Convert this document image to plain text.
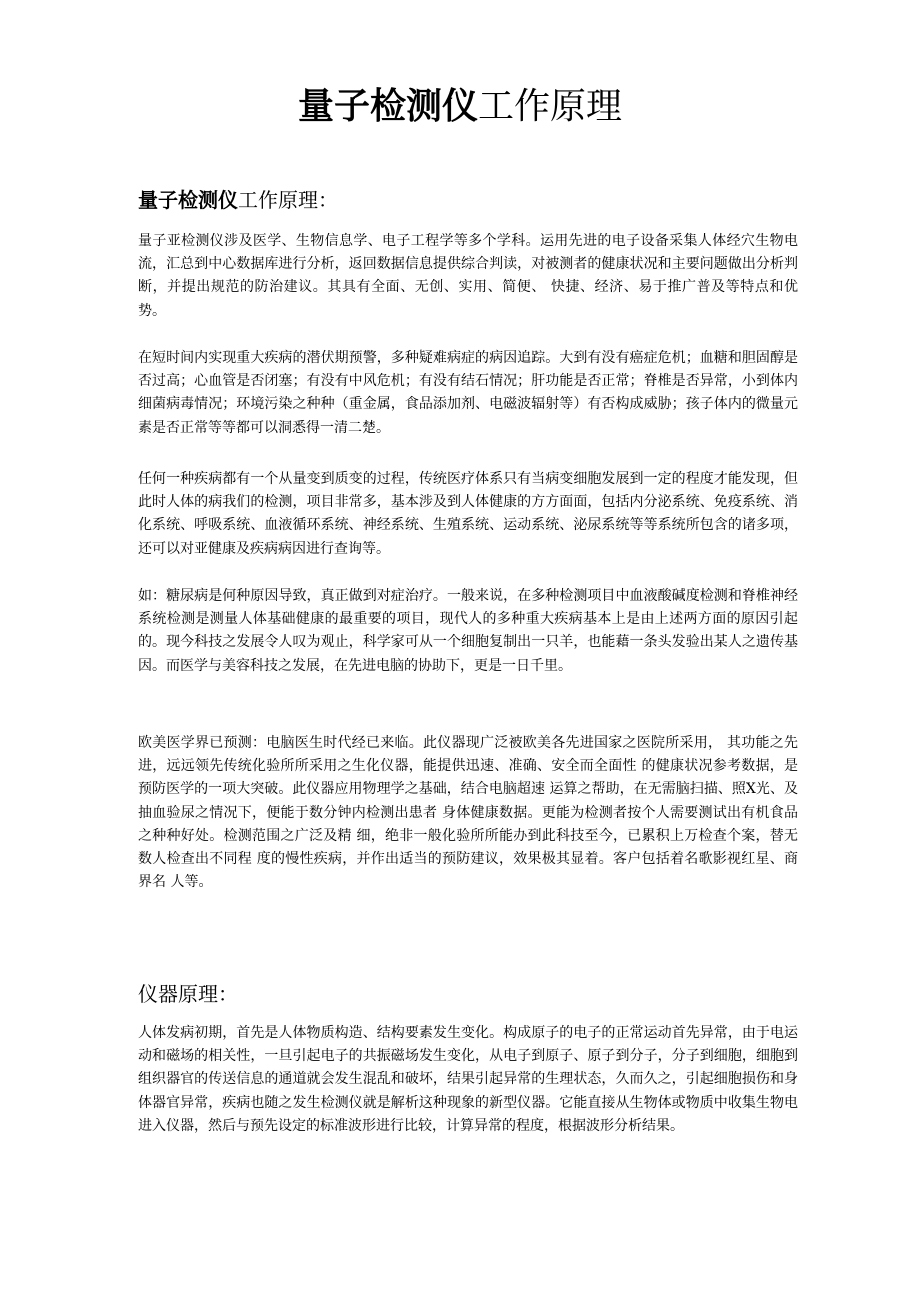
量子检测仪工作原理
量子检测仪工作原理：

量子亚检测仪涉及医学、生物信息学、电子工程学等多个学科。运用先进的电子设备采集人体经穴生物电流，汇总到中心数据库进行分析，返回数据信息提供综合判读，对被测者的健康状况和主要问题做出分析判断，并提出规范的防治建议。其具有全面、无创、实用、简便、 快捷、经济、易于推广普及等特点和优势。

在短时间内实现重大疾病的潜伏期预警，多种疑难病症的病因追踪。大到有没有癌症危机；血糖和胆固醇是否过高；心血管是否闭塞；有没有中风危机；有没有结石情况；肝功能是否正常；脊椎是否异常，小到体内细菌病毒情况；环境污染之种种（重金属，食品添加剂、电磁波辐射等）有否构成威胁；孩子体内的微量元素是否正常等等都可以洞悉得一清二楚。

任何一种疾病都有一个从量变到质变的过程，传统医疗体系只有当病变细胞发展到一定的程度才能发现，但此时人体的病我们的检测，项目非常多，基本涉及到人体健康的方方面面，包括内分泌系统、免疫系统、消化系统、呼吸系统、血液循环系统、神经系统、生殖系统、运动系统、泌尿系统等等系统所包含的诸多项，还可以对亚健康及疾病病因进行查询等。

如：糖尿病是何种原因导致，真正做到对症治疗。一般来说，在多种检测项目中血液酸碱度检测和脊椎神经系统检测是测量人体基础健康的最重要的项目，现代人的多种重大疾病基本上是由上述两方面的原因引起的。现今科技之发展令人叹为观止，科学家可从一个细胞复制出一只羊，也能藉一条头发验出某人之遗传基因。而医学与美容科技之发展，在先进电脑的协助下，更是一日千里。

欧美医学界已预测：电脑医生时代经已来临。此仪器现广泛被欧美各先进国家之医院所采用， 其功能之先进，远远领先传统化验所所采用之生化仪器，能提供迅速、准确、安全而全面性 的健康状况参考数据，是预防医学的一项大突破。此仪器应用物理学之基础，结合电脑超速 运算之帮助，在无需脑扫描、照X光、及抽血验尿之情况下，便能于数分钟内检测出患者 身体健康数据。更能为检测者按个人需要测试出有机食品之种种好处。检测范围之广泛及精 细，绝非一般化验所所能办到此科技至今，已累积上万检查个案，替无数人检查出不同程 度的慢性疾病，并作出适当的预防建议，效果极其显着。客户包括着名歌影视红星、商界名 人等。

仪器原理：

人体发病初期，首先是人体物质构造、结构要素发生变化。构成原子的电子的正常运动首先异常，由于电运动和磁场的相关性，一旦引起电子的共振磁场发生变化，从电子到原子、原子到分子，分子到细胞，细胞到组织器官的传送信息的通道就会发生混乱和破坏，结果引起异常的生理状态，久而久之，引起细胞损伤和身体器官异常，疾病也随之发生检测仪就是解析这种现象的新型仪器。它能直接从生物体或物质中收集生物电进入仪器，然后与预先设定的标准波形进行比较，计算异常的程度，根据波形分析结果。
